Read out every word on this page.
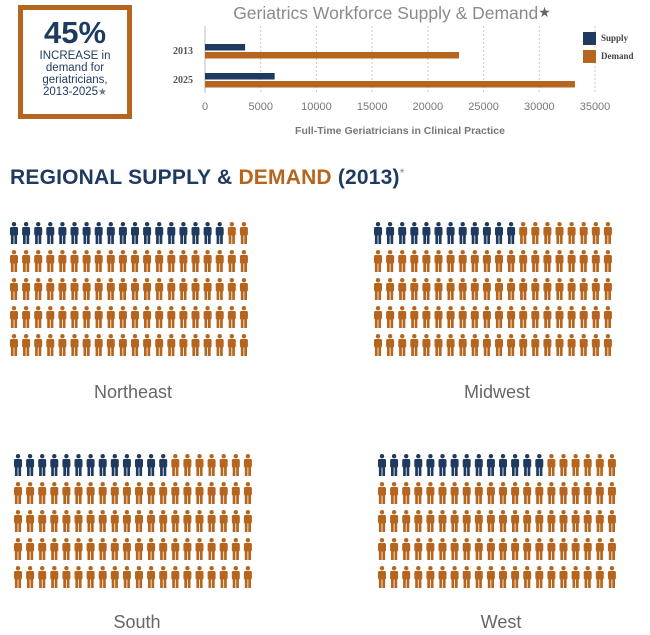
45%
INCREASE in demand for geriatricians, 2013-2025★
Geriatrics Workforce Supply & Demand★
0	5000	10000 15000 20000 25000 30000 35000
Full-Time Geriatricians in Clinical Practice
2013
2025
Supply
Demand
REGIONAL SUPPLY & DEMAND (2013)*
Northeast	Midwest
South	West
